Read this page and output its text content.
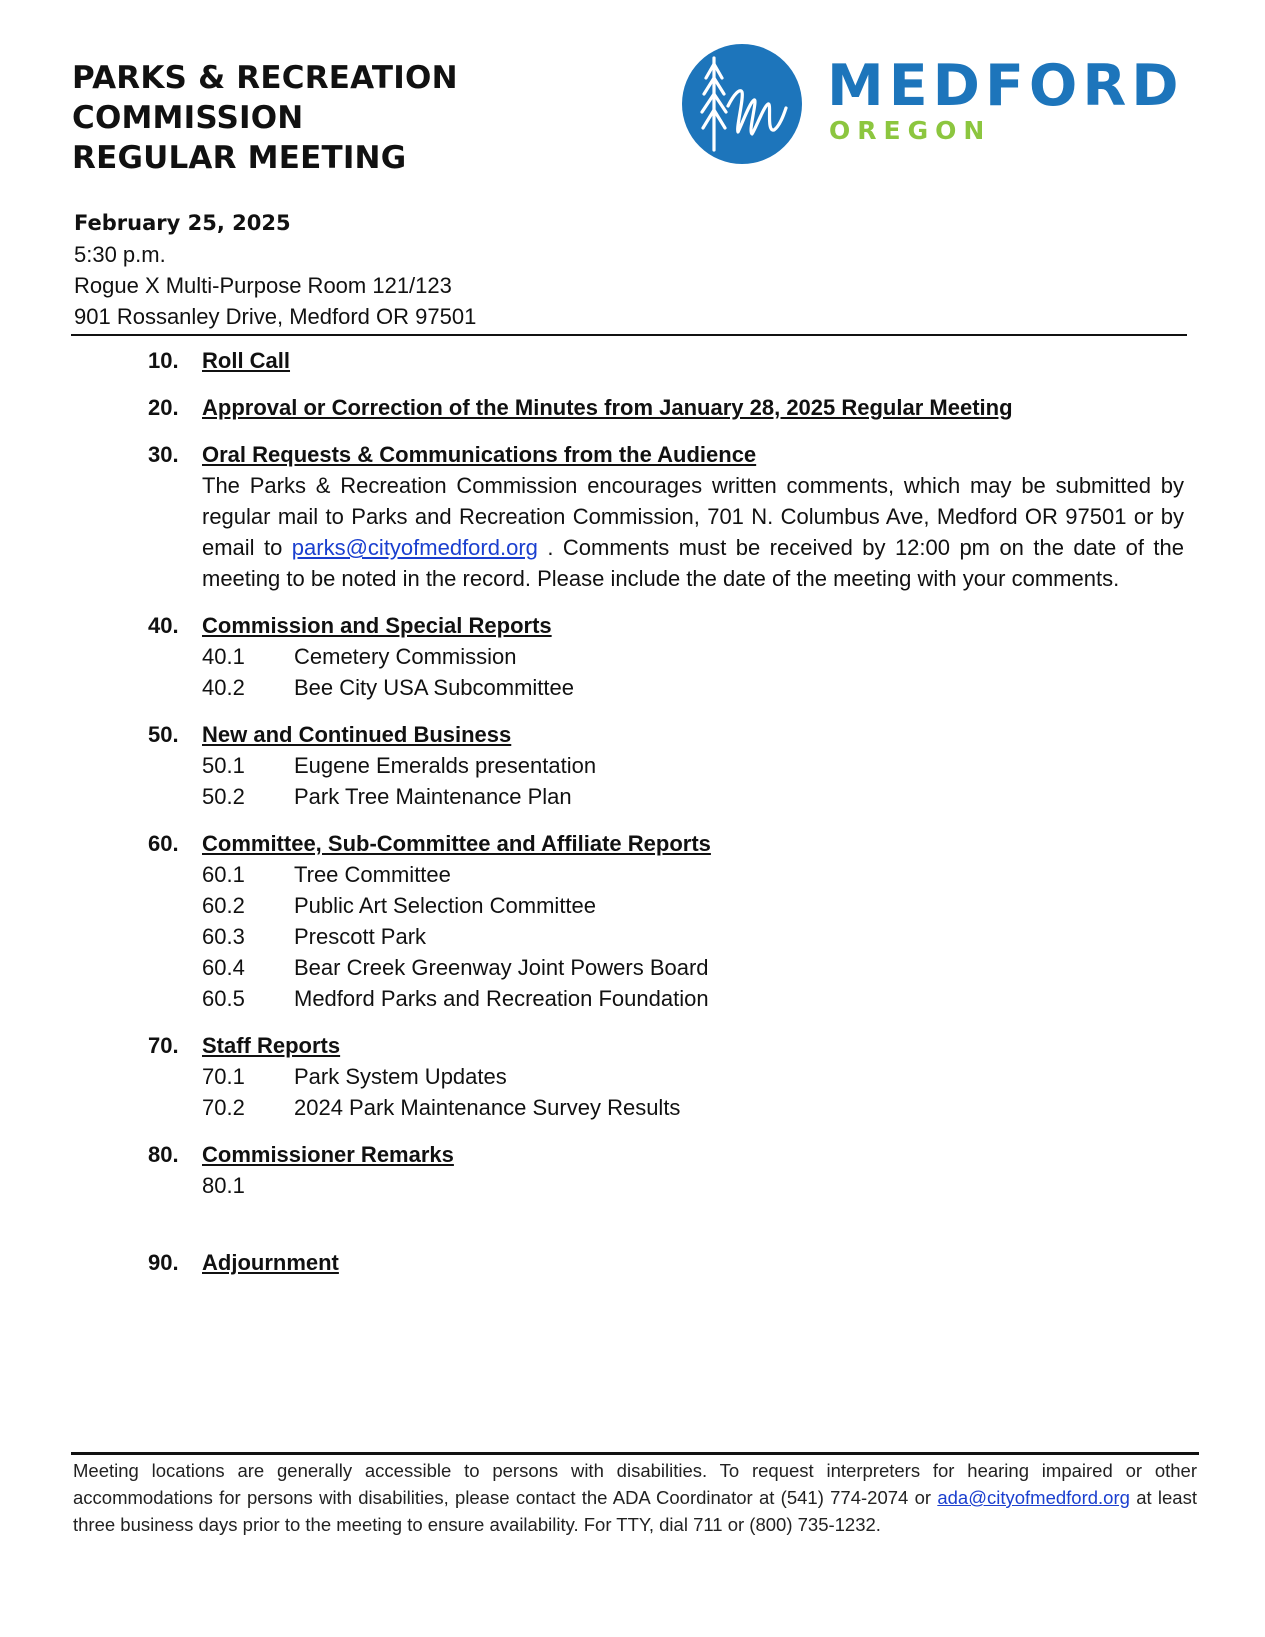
PARKS & RECREATION
COMMISSION
REGULAR MEETING
MEDFORD
OREGON
February 25, 2025
5:30 p.m.
Rogue X Multi-Purpose Room 121/123
901 Rossanley Drive, Medford OR 97501
10. Roll Call
20. Approval or Correction of the Minutes from January 28, 2025 Regular Meeting
30. Oral Requests & Communications from the Audience
The Parks & Recreation Commission encourages written comments, which may be submitted by regular mail to Parks and Recreation Commission, 701 N. Columbus Ave, Medford OR 97501 or by email to parks@cityofmedford.org . Comments must be received by 12:00 pm on the date of the meeting to be noted in the record. Please include the date of the meeting with your comments.
40. Commission and Special Reports
40.1 Cemetery Commission
40.2 Bee City USA Subcommittee
50. New and Continued Business
50.1 Eugene Emeralds presentation
50.2 Park Tree Maintenance Plan
60. Committee, Sub-Committee and Affiliate Reports
60.1 Tree Committee
60.2 Public Art Selection Committee
60.3 Prescott Park
60.4 Bear Creek Greenway Joint Powers Board
60.5 Medford Parks and Recreation Foundation
70. Staff Reports
70.1 Park System Updates
70.2 2024 Park Maintenance Survey Results
80. Commissioner Remarks
80.1
90. Adjournment
Meeting locations are generally accessible to persons with disabilities. To request interpreters for hearing impaired or other accommodations for persons with disabilities, please contact the ADA Coordinator at (541) 774-2074 or ada@cityofmedford.org at least three business days prior to the meeting to ensure availability. For TTY, dial 711 or (800) 735-1232.
